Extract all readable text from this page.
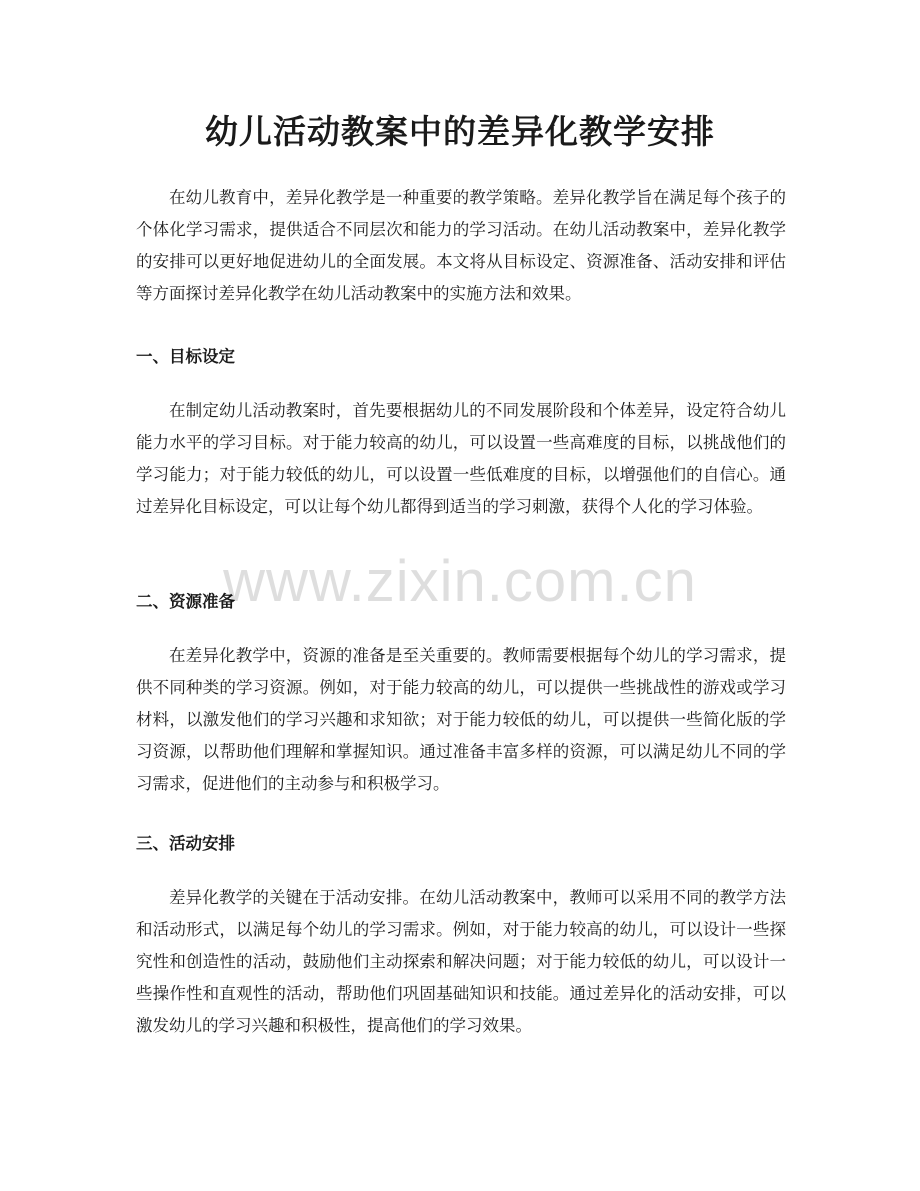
幼儿活动教案中的差异化教学安排

在幼儿教育中，差异化教学是一种重要的教学策略。差异化教学旨在满足每个孩子的个体化学习需求，提供适合不同层次和能力的学习活动。在幼儿活动教案中，差异化教学的安排可以更好地促进幼儿的全面发展。本文将从目标设定、资源准备、活动安排和评估等方面探讨差异化教学在幼儿活动教案中的实施方法和效果。

一、目标设定

在制定幼儿活动教案时，首先要根据幼儿的不同发展阶段和个体差异，设定符合幼儿能力水平的学习目标。对于能力较高的幼儿，可以设置一些高难度的目标，以挑战他们的学习能力；对于能力较低的幼儿，可以设置一些低难度的目标，以增强他们的自信心。通过差异化目标设定，可以让每个幼儿都得到适当的学习刺激，获得个人化的学习体验。

二、资源准备

在差异化教学中，资源的准备是至关重要的。教师需要根据每个幼儿的学习需求，提供不同种类的学习资源。例如，对于能力较高的幼儿，可以提供一些挑战性的游戏或学习材料，以激发他们的学习兴趣和求知欲；对于能力较低的幼儿，可以提供一些简化版的学习资源，以帮助他们理解和掌握知识。通过准备丰富多样的资源，可以满足幼儿不同的学习需求，促进他们的主动参与和积极学习。

三、活动安排

差异化教学的关键在于活动安排。在幼儿活动教案中，教师可以采用不同的教学方法和活动形式，以满足每个幼儿的学习需求。例如，对于能力较高的幼儿，可以设计一些探究性和创造性的活动，鼓励他们主动探索和解决问题；对于能力较低的幼儿，可以设计一些操作性和直观性的活动，帮助他们巩固基础知识和技能。通过差异化的活动安排，可以激发幼儿的学习兴趣和积极性，提高他们的学习效果。

www.zixin.com.cn
